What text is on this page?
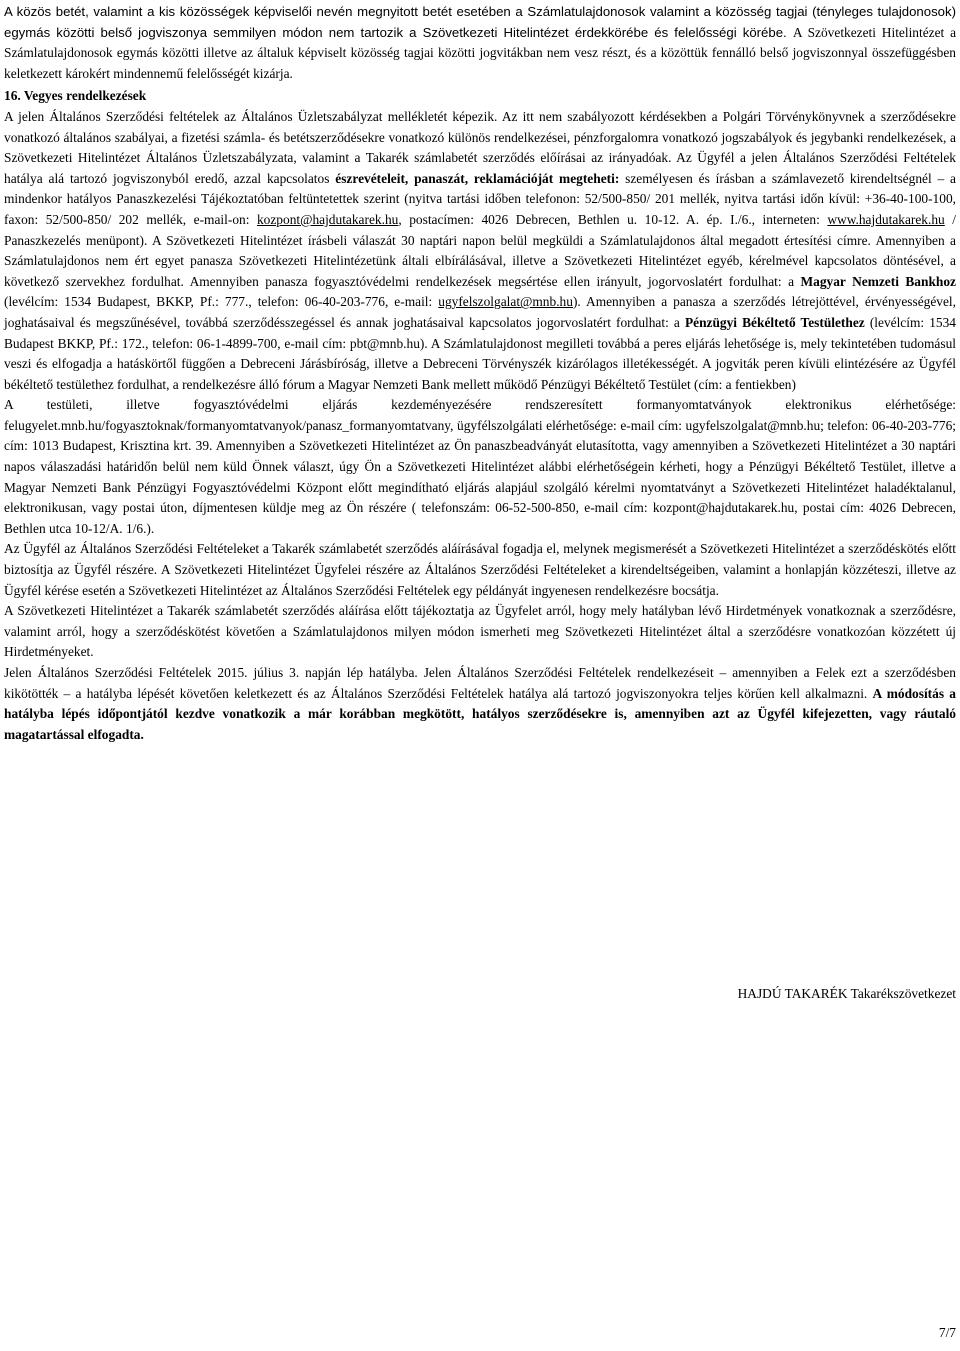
A közös betét, valamint a kis közösségek képviselői nevén megnyitott betét esetében a Számlatulajdonosok valamint a közösség tagjai (tényleges tulajdonosok) egymás közötti belső jogviszonya semmilyen módon nem tartozik a Szövetkezeti Hitelintézet érdekkörébe és felelősségi körébe. A Szövetkezeti Hitelintézet a Számlatulajdonosok egymás közötti illetve az általuk képviselt közösség tagjai közötti jogvitákban nem vesz részt, és a közöttük fennálló belső jogviszonnyal összefüggésben keletkezett károkért mindennemű felelősségét kizárja.

16. Vegyes rendelkezések

A jelen Általános Szerződési feltételek az Általános Üzletszabályzat mellékletét képezik. Az itt nem szabályozott kérdésekben a Polgári Törvénykönyvnek a szerződésekre vonatkozó általános szabályai, a fizetési számla- és betétszerződésekre vonatkozó különös rendelkezései, pénzforgalomra vonatkozó jogszabályok és jegybanki rendelkezések, a Szövetkezeti Hitelintézet Általános Üzletszabályzata, valamint a Takarék számlabetét szerződés előírásai az irányadóak. Az Ügyfél a jelen Általános Szerződési Feltételek hatálya alá tartozó jogviszonyból eredő, azzal kapcsolatos észrevételeit, panaszát, reklamációját megteheti: személyesen és írásban a számlavezető kirendeltségnél – a mindenkor hatályos Panaszkezelési Tájékoztatóban feltüntetettek szerint (nyitva tartási időben telefonon: 52/500-850/ 201 mellék, nyitva tartási időn kívül: +36-40-100-100, faxon: 52/500-850/ 202 mellék, e-mail-on: kozpont@hajdutakarek.hu, postacímen: 4026 Debrecen, Bethlen u. 10-12. A. ép. I./6., interneten: www.hajdutakarek.hu / Panaszkezelés menüpont). A Szövetkezeti Hitelintézet írásbeli válaszát 30 naptári napon belül megküldi a Számlatulajdonos által megadott értesítési címre. Amennyiben a Számlatulajdonos nem ért egyet panasza Szövetkezeti Hitelintézetünk általi elbírálásával, illetve a Szövetkezeti Hitelintézet egyéb, kérelmével kapcsolatos döntésével, a következő szervekhez fordulhat. Amennyiben panasza fogyasztóvédelmi rendelkezések megsértése ellen irányult, jogorvoslatért fordulhat: a Magyar Nemzeti Bankhoz (levélcím: 1534 Budapest, BKKP, Pf.: 777., telefon: 06-40-203-776, e-mail: ugyfelszolgalat@mnb.hu). Amennyiben a panasza a szerződés létrejöttével, érvényességével, joghatásaival és megszűnésével, továbbá szerződésszegéssel és annak joghatásaival kapcsolatos jogorvoslatért fordulhat: a Pénzügyi Békéltető Testülethez (levélcím: 1534 Budapest BKKP, Pf.: 172., telefon: 06-1-4899-700, e-mail cím: pbt@mnb.hu). A Számlatulajdonost megilleti továbbá a peres eljárás lehetősége is, mely tekintetében tudomásul veszi és elfogadja a hatáskörtől függően a Debreceni Járásbíróság, illetve a Debreceni Törvényszék kizárólagos illetékességét. A jogviták peren kívüli elintézésére az Ügyfél békéltető testülethez fordulhat, a rendelkezésre álló fórum a Magyar Nemzeti Bank mellett működő Pénzügyi Békéltető Testület (cím: a fentiekben)

A testületi, illetve fogyasztóvédelmi eljárás kezdeményezésére rendszeresített formanyomtatványok elektronikus elérhetősége: felugyelet.mnb.hu/fogyasztoknak/formanyomtatvanyok/panasz_formanyomtatvany, ügyfélszolgálati elérhetősége: e-mail cím: ugyfelszolgalat@mnb.hu; telefon: 06-40-203-776; cím: 1013 Budapest, Krisztina krt. 39. Amennyiben a Szövetkezeti Hitelintézet az Ön panaszbeadványát elutasította, vagy amennyiben a Szövetkezeti Hitelintézet a 30 naptári napos válaszadási határidőn belül nem küld Önnek választ, úgy Ön a Szövetkezeti Hitelintézet alábbi elérhetőségein kérheti, hogy a Pénzügyi Békéltető Testület, illetve a Magyar Nemzeti Bank Pénzügyi Fogyasztóvédelmi Központ előtt megindítható eljárás alapjául szolgáló kérelmi nyomtatványt a Szövetkezeti Hitelintézet haladéktalanul, elektronikusan, vagy postai úton, díjmentesen küldje meg az Ön részére ( telefonszám: 06-52-500-850, e-mail cím: kozpont@hajdutakarek.hu, postai cím: 4026 Debrecen, Bethlen utca 10-12/A. 1/6.).

Az Ügyfél az Általános Szerződési Feltételeket a Takarék számlabetét szerződés aláírásával fogadja el, melynek megismerését a Szövetkezeti Hitelintézet a szerződéskötés előtt biztosítja az Ügyfél részére. A Szövetkezeti Hitelintézet Ügyfelei részére az Általános Szerződési Feltételeket a kirendeltségeiben, valamint a honlapján közzéteszi, illetve az Ügyfél kérése esetén a Szövetkezeti Hitelintézet az Általános Szerződési Feltételek egy példányát ingyenesen rendelkezésre bocsátja.

A Szövetkezeti Hitelintézet a Takarék számlabetét szerződés aláírása előtt tájékoztatja az Ügyfelet arról, hogy mely hatályban lévő Hirdetmények vonatkoznak a szerződésre, valamint arról, hogy a szerződéskötést követően a Számlatulajdonos milyen módon ismerheti meg Szövetkezeti Hitelintézet által a szerződésre vonatkozóan közzétett új Hirdetményeket.

Jelen Általános Szerződési Feltételek 2015. július 3. napján lép hatályba. Jelen Általános Szerződési Feltételek rendelkezéseit – amennyiben a Felek ezt a szerződésben kikötötték – a hatályba lépését követően keletkezett és az Általános Szerződési Feltételek hatálya alá tartozó jogviszonyokra teljes körűen kell alkalmazni. A módosítás a hatályba lépés időpontjától kezdve vonatkozik a már korábban megkötött, hatályos szerződésekre is, amennyiben azt az Ügyfél kifejezetten, vagy ráutaló magatartással elfogadta.

HAJDÚ TAKARÉK Takarékszövetkezet
7/7
